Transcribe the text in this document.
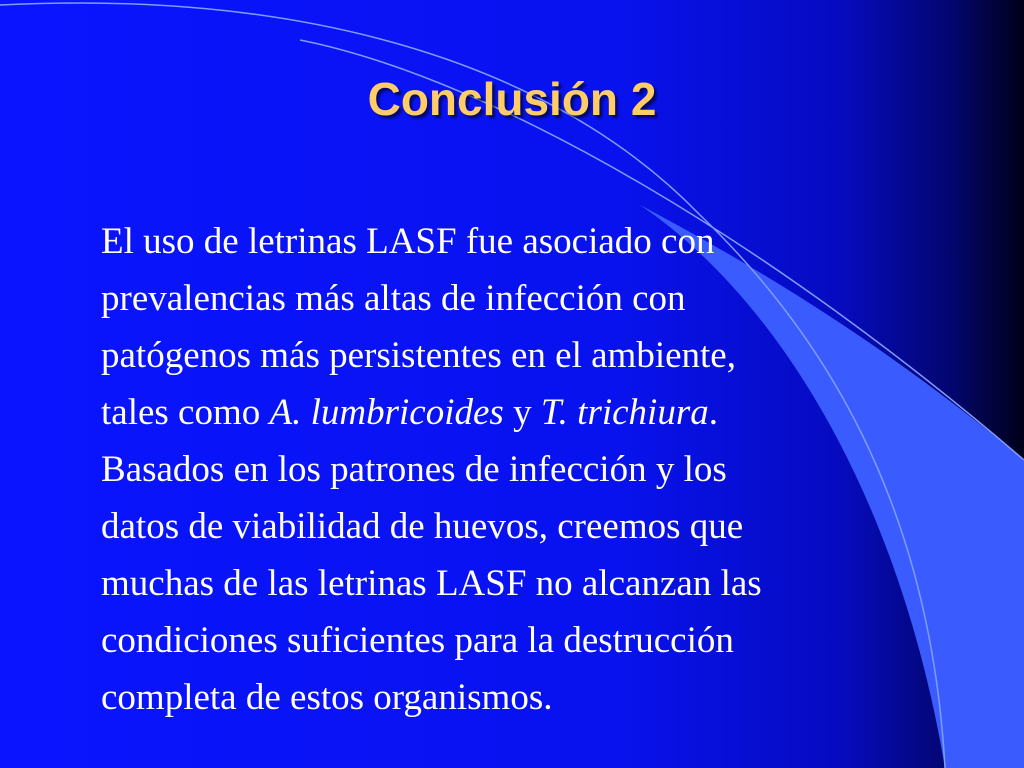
Conclusión 2
El uso de letrinas LASF fue asociado con
prevalencias más altas de infección con
patógenos más persistentes en el ambiente,
tales como A. lumbricoides y T. trichiura.
Basados en los patrones de infección y los
datos de viabilidad de huevos, creemos que
muchas de las letrinas LASF no alcanzan las
condiciones suficientes para la destrucción
completa de estos organismos.
